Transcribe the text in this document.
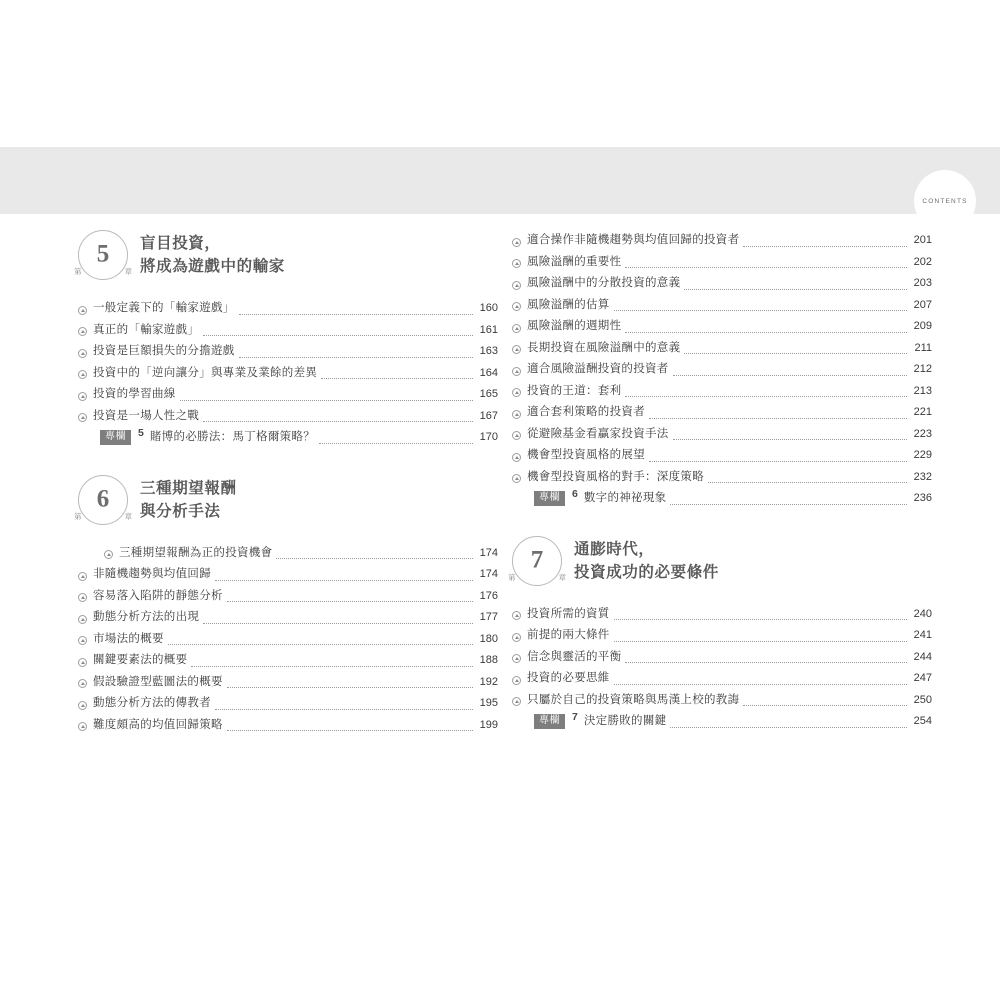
CONTENTS
5
第	章
盲目投資，
將成為遊戲中的輸家
一般定義下的「輸家遊戲」	160
真正的「輸家遊戲」	161
投資是巨額損失的分擔遊戲	163
投資中的「逆向讓分」與專業及業餘的差異	164
投資的學習曲線	165
投資是一場人性之戰	167
專欄	5 賭博的必勝法：馬丁格爾策略？	170
6
第	章
三種期望報酬
與分析手法
三種期望報酬為正的投資機會	174
非隨機趨勢與均值回歸	174
容易落入陷阱的靜態分析	176
動態分析方法的出現	177
市場法的概要	180
關鍵要素法的概要	188
假設驗證型藍圖法的概要	192
動態分析方法的傳教者	195
難度頗高的均值回歸策略	199
適合操作非隨機趨勢與均值回歸的投資者	201
風險溢酬的重要性	202
風險溢酬中的分散投資的意義	203
風險溢酬的估算	207
風險溢酬的週期性	209
長期投資在風險溢酬中的意義	211
適合風險溢酬投資的投資者	212
投資的王道：套利	213
適合套利策略的投資者	221
從避險基金看贏家投資手法	223
機會型投資風格的展望	229
機會型投資風格的對手：深度策略	232
專欄	6 數字的神祕現象	236
7
第	章
通膨時代，
投資成功的必要條件
投資所需的資質	240
前提的兩大條件	241
信念與靈活的平衡	244
投資的必要思維	247
只屬於自己的投資策略與馬漢上校的教誨	250
專欄	7 決定勝敗的關鍵	254
